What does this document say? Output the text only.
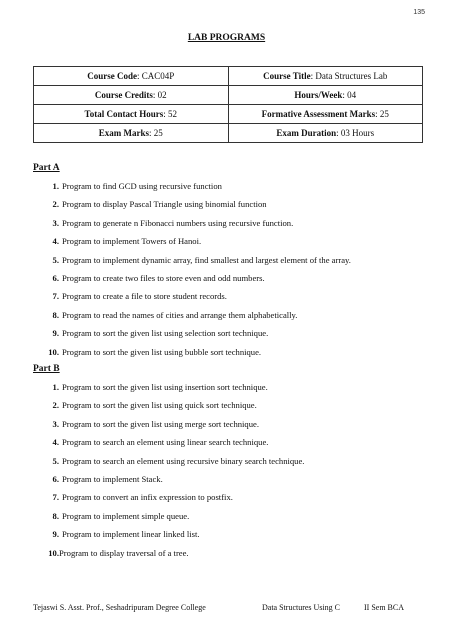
135
LAB PROGRAMS
Course Code: CAC04P	Course Title: Data Structures Lab
Course Credits: 02	Hours/Week: 04
Total Contact Hours: 52	Formative Assessment Marks: 25
Exam Marks: 25	Exam Duration: 03 Hours
Part A
1. Program to find GCD using recursive function
2. Program to display Pascal Triangle using binomial function
3. Program to generate n Fibonacci numbers using recursive function.
4. Program to implement Towers of Hanoi.
5. Program to implement dynamic array, find smallest and largest element of the array.
6. Program to create two files to store even and odd numbers.
7. Program to create a file to store student records.
8. Program to read the names of cities and arrange them alphabetically.
9. Program to sort the given list using selection sort technique.
10. Program to sort the given list using bubble sort technique.
Part B
1. Program to sort the given list using insertion sort technique.
2. Program to sort the given list using quick sort technique.
3. Program to sort the given list using merge sort technique.
4. Program to search an element using linear search technique.
5. Program to search an element using recursive binary search technique.
6. Program to implement Stack.
7. Program to convert an infix expression to postfix.
8. Program to implement simple queue.
9. Program to implement linear linked list.
10.Program to display traversal of a tree.
Tejaswi S. Asst. Prof., Seshadripuram Degree College	Data Structures Using C	II Sem BCA
